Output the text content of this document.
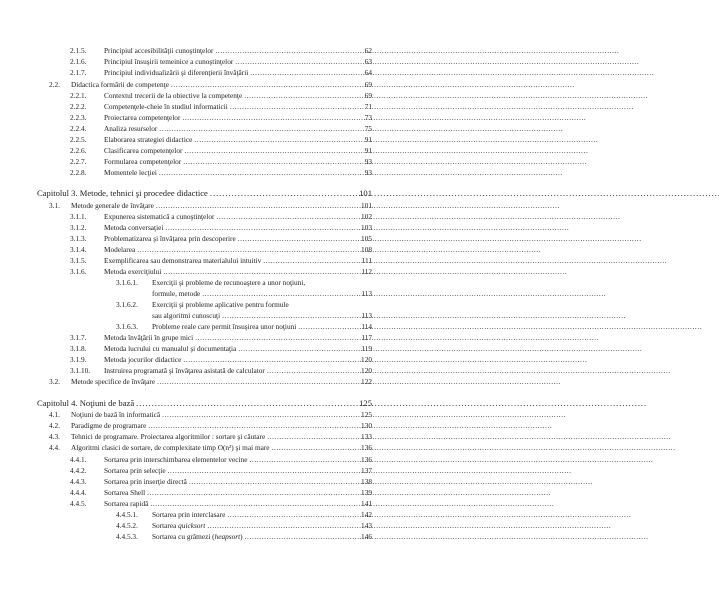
2.1.5.	Principiul accesibilităţii cunoştinţelor . . .	62
2.1.6.	Principiul însuşirii temeinice a cunoştinţelor . . .	63
2.1.7.	Principiul individualizării şi diferenţierii învăţării . . .	64
2.2.	Didactica formării de competenţe . . .	69
2.2.1.	Contextul trecerii de la obiective la competenţe . . .	69
2.2.2.	Competenţele-cheie în studiul informaticii . . .	71
2.2.3.	Proiectarea competenţelor . . .	73
2.2.4.	Analiza resurselor . . .	75
2.2.5.	Elaborarea strategiei didactice . . .	91
2.2.6.	Clasificarea competenţelor . . .	91
2.2.7.	Formularea competenţelor . . .	93
2.2.8.	Momentele lecţiei . . .	93
Capitolul 3. Metode, tehnici şi procedee didactice . . .	101
3.1.	Metode generale de învăţare . . .	101
3.1.1.	Expunerea sistematică a cunoştinţelor . . .	102
3.1.2.	Metoda conversaţiei . . .	103
3.1.3.	Problematizarea şi învăţarea prin descoperire . . .	105
3.1.4.	Modelarea . . .	108
3.1.5.	Exemplificarea sau demonstrarea materialului intuitiv . . .	111
3.1.6.	Metoda exerciţiului . . .	112
3.1.6.1.	Exerciţii şi probleme de recunoaştere a unor noţiuni,
formule, metode . . .	113
3.1.6.2.	Exerciţii şi probleme aplicative pentru formule
sau algoritmi cunoscuţi . . .	113
3.1.6.3.	Probleme reale care permit însuşirea unor noţiuni . . .	114
3.1.7.	Metoda învăţării în grupe mici . . .	117
3.1.8.	Metoda lucrului cu manualul şi documentaţia . . .	119
3.1.9.	Metoda jocurilor didactice . . .	120
3.1.10.	Instruirea programată şi învăţarea asistată de calculator . . .	120
3.2.	Metode specifice de învăţare . . .	122
Capitolul 4. Noţiuni de bază . . .	125
4.1.	Noţiuni de bază în informatică . . .	125
4.2.	Paradigme de programare . . .	130
4.3.	Tehnici de programare. Proiectarea algoritmilor : sortare şi căutare . . .	133
4.4.	Algoritmi clasici de sortare, de complexitate timp O(n²) şi mai mare . . .	136
4.4.1.	Sortarea prin interschimbarea elementelor vecine . . .	136
4.4.2.	Sortarea prin selecţie . . .	137
4.4.3.	Sortarea prin inserţie directă . . .	138
4.4.4.	Sortarea Shell . . .	139
4.4.5.	Sortarea rapidă . . .	141
4.4.5.1.	Sortarea prin interclasare . . .	142
4.4.5.2.	Sortarea quicksort . . .	143
4.4.5.3.	Sortarea cu grămezi (heapsort) . . .	146
